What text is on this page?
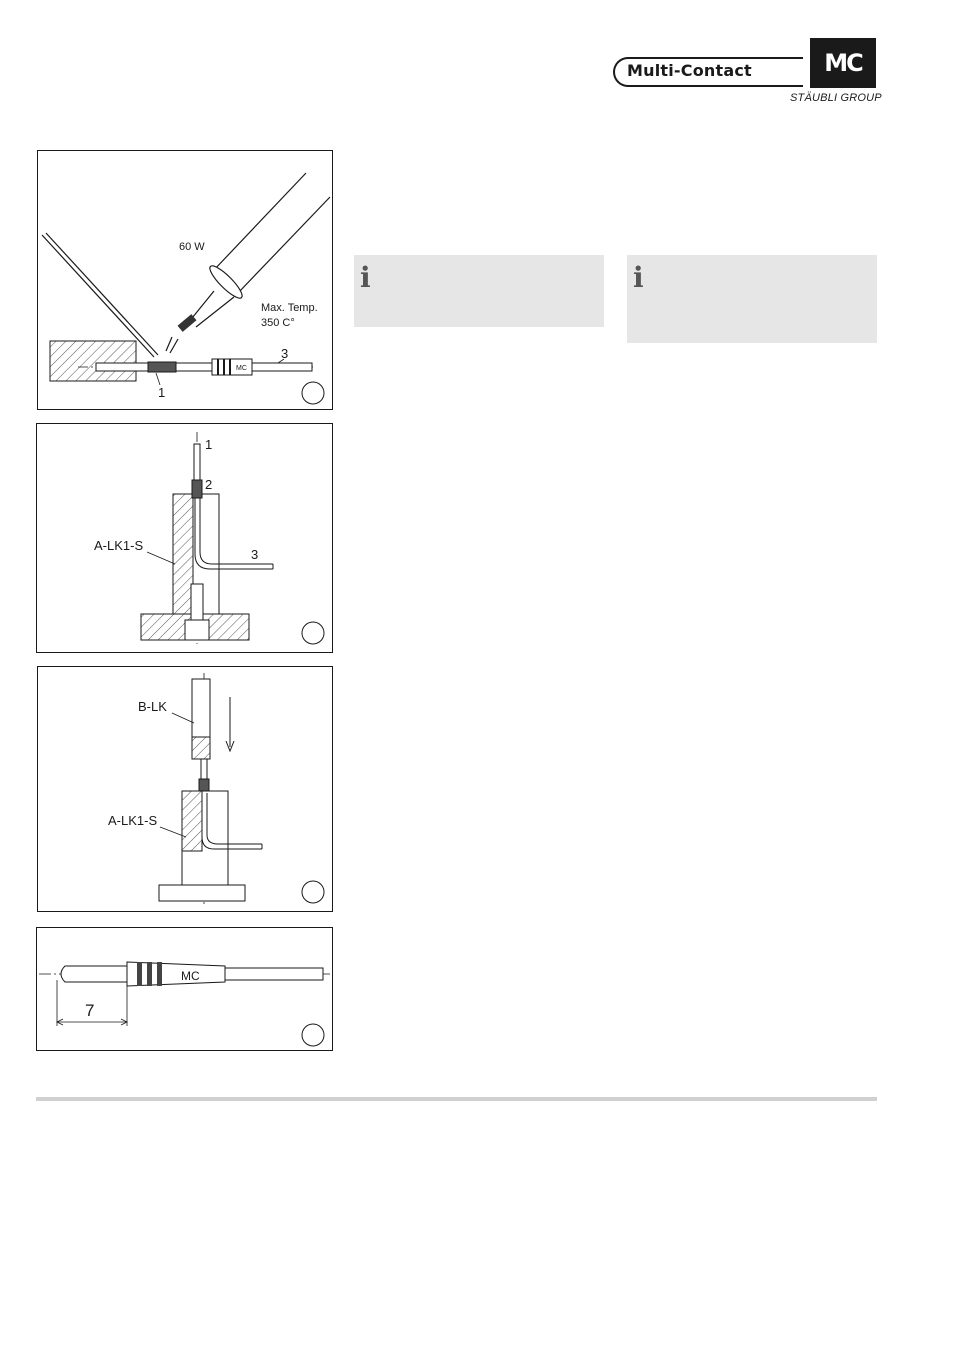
Multi-Contact	MC
STÄUBLI GROUP
i	i
MC
1
3
60 W
Max. Temp.
350 C°
1
2
3
A-LK1-S
B-LK
A-LK1-S
MC
7
